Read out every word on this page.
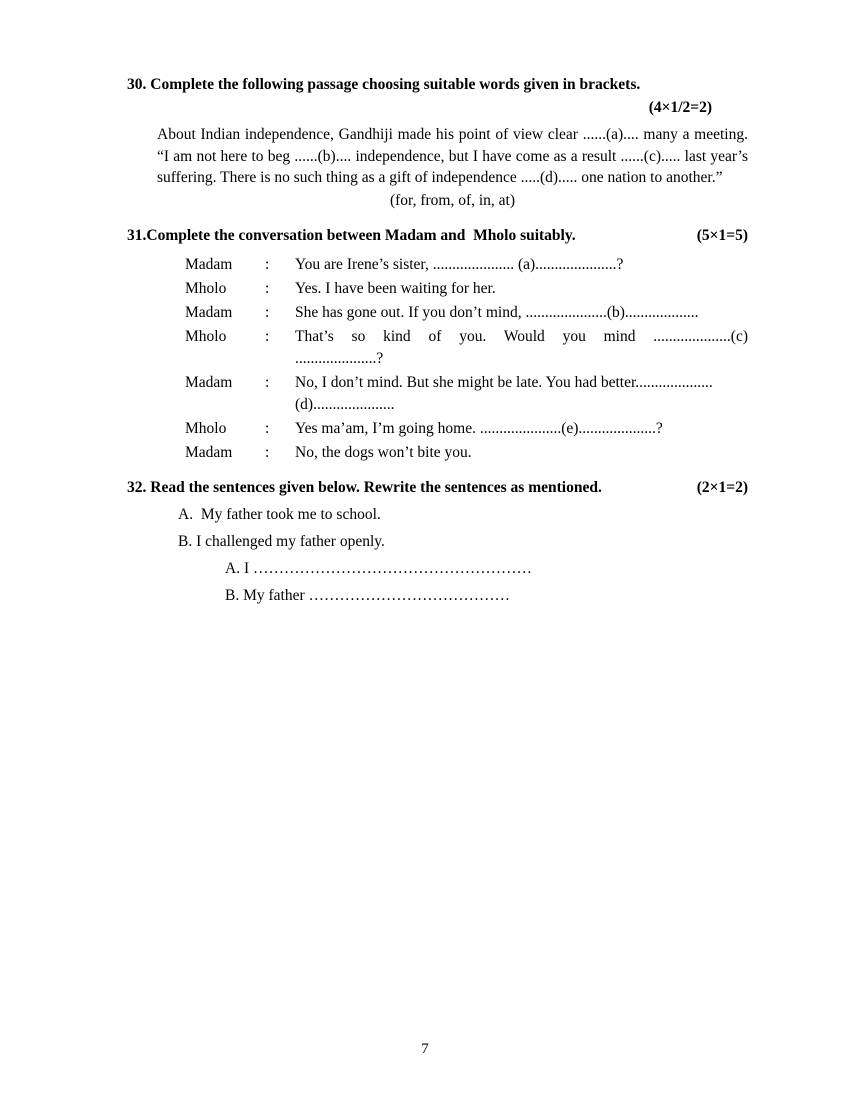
30. Complete the following passage choosing suitable words given in brackets.
(4×1/2=2)

About Indian independence, Gandhiji made his point of view clear ......(a).... many a meeting. “I am not here to beg ......(b).... independence, but I have come as a result ......(c)..... last year’s suffering. There is no such thing as a gift of independence .....(d)..... one nation to another.”

(for, from, of, in, at)
31.Complete the conversation between Madam and  Mholo suitably.	(5×1=5)
Madam	:	You are Irene’s sister, ..................... (a).....................?
Mholo	:	Yes. I have been waiting for her.
Madam	:	She has gone out. If you don’t mind, .....................(b)...................
Mholo	:	That’s so kind of you. Would you mind ....................(c)
.....................?
Madam	:	No, I don’t mind. But she might be late. You had better....................
(d).....................
Mholo	:	Yes ma’am, I’m going home. .....................(e)....................?
Madam	:	No, the dogs won’t bite you.
32. Read the sentences given below. Rewrite the sentences as mentioned.	(2×1=2)
A.  My father took me to school.
B. I challenged my father openly.
A. I ………………………………………………
B. My father …………………………………
7
